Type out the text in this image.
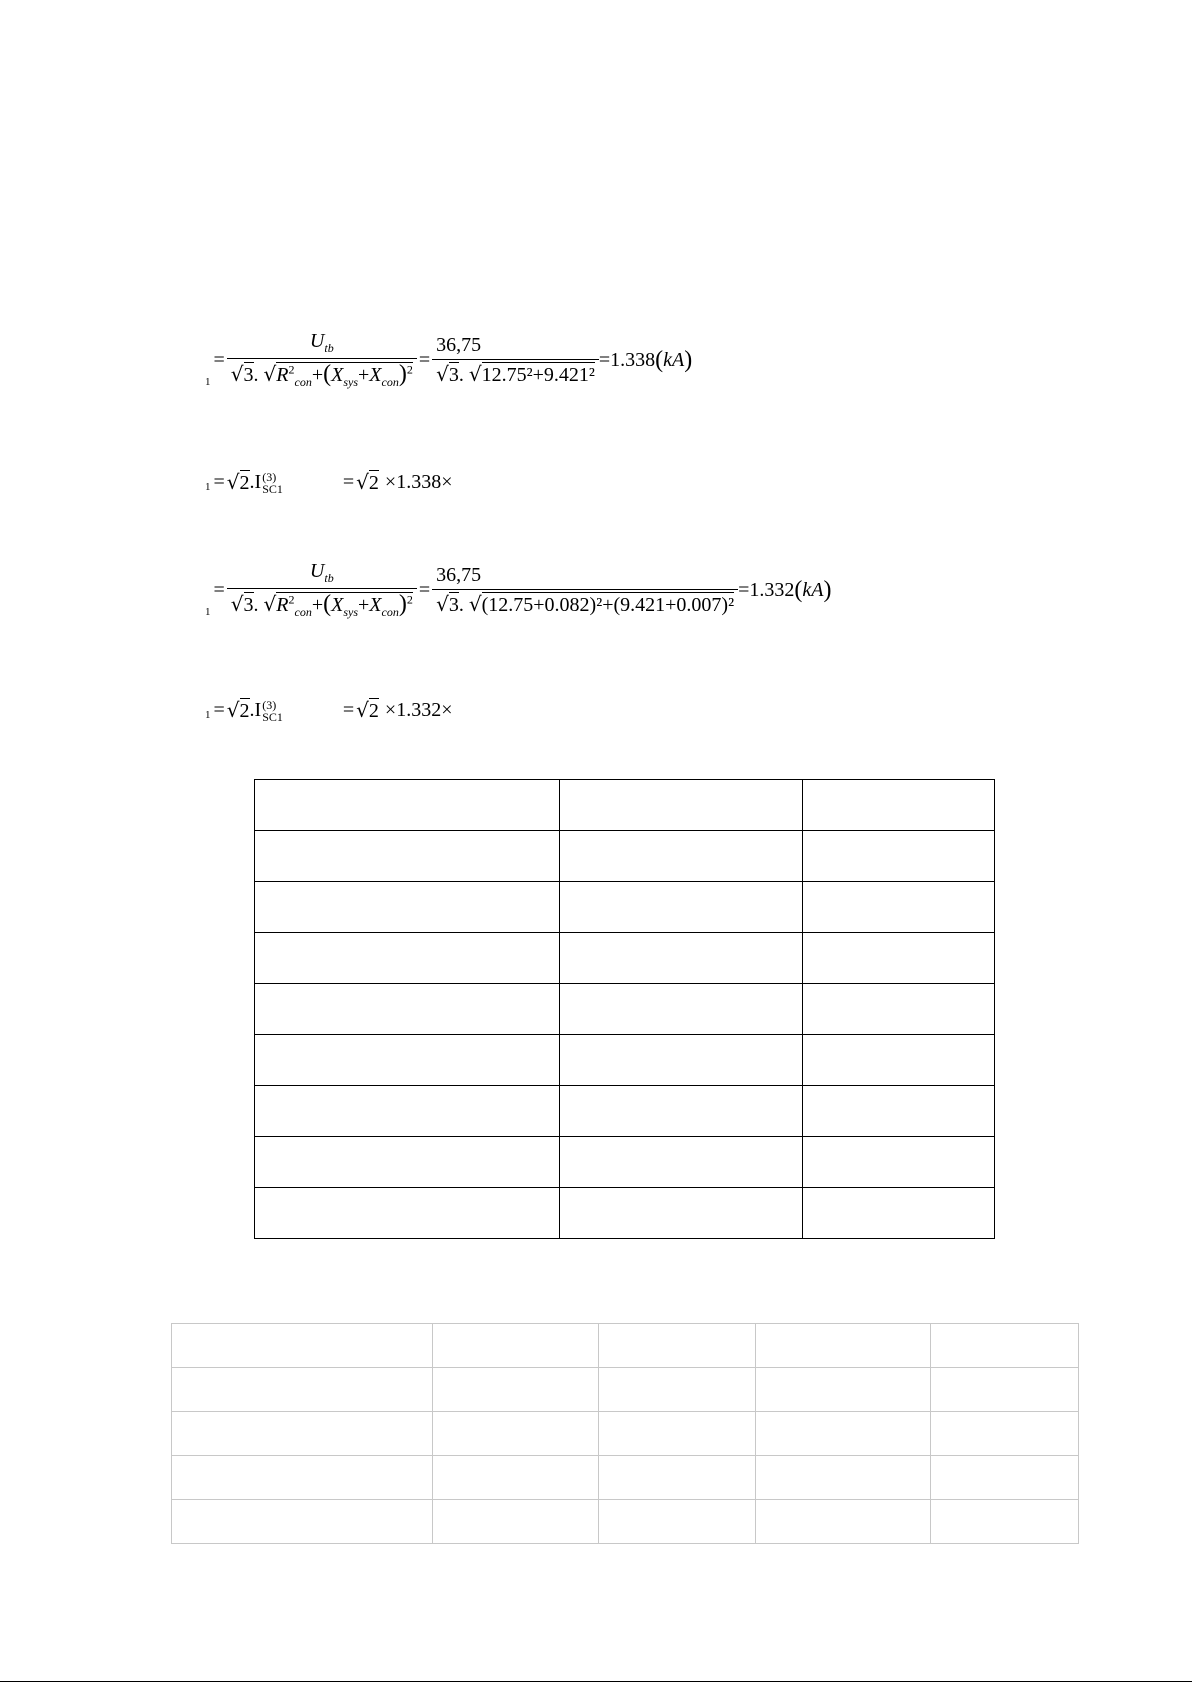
1
= $\frac{U_{tb}}{√3. √R^2_{con}+(X_{sys}+X_{con})^2} = \frac{36,75}{\text{√3. √12.75²+9.421²}} =1.338$ ( kA )
1 = √2 . I (3)
SC1	= √2 ×1.338×
1
= $\frac{U_{tb}}{√3. √R^2_{con}+(X_{sys}+X_{con})^2} = \frac{36,75}{\text{√3. √(12.75+0.082)²+(9.421+0.007)²}} =1.332$ ( kA )
1 = √2 . I (3)
SC1	= √2 ×1.332×
